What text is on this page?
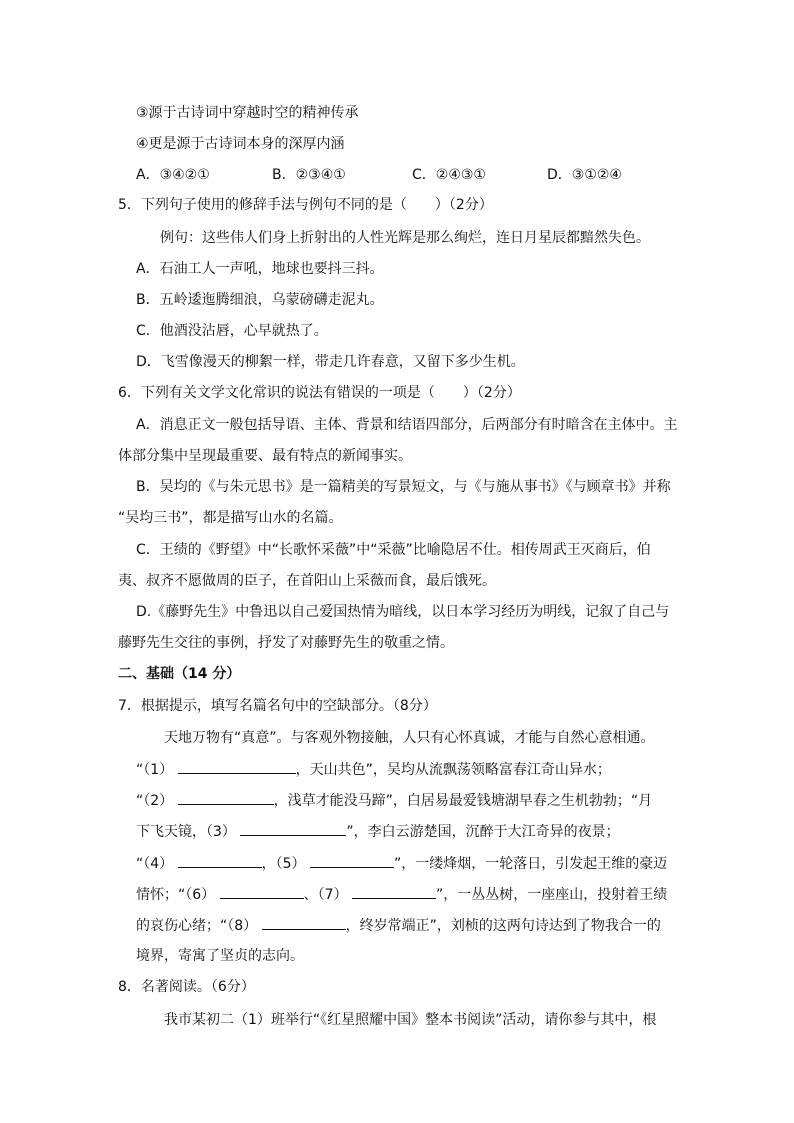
③源于古诗词中穿越时空的精神传承
④更是源于古诗词本身的深厚内涵
A．③④②①	B．②③④①	C．②④③①	D．③①②④
5．下列句子使用的修辞手法与例句不同的是（　　）（2分）
例句：这些伟人们身上折射出的人性光辉是那么绚烂，连日月星辰都黯然失色。
A．石油工人一声吼，地球也要抖三抖。
B．五岭逶迤腾细浪，乌蒙磅礴走泥丸。
C．他酒没沾唇，心早就热了。
D．飞雪像漫天的柳絮一样，带走几许春意，又留下多少生机。
6．下列有关文学文化常识的说法有错误的一项是（　　）（2分）
A．消息正文一般包括导语、主体、背景和结语四部分，后两部分有时暗含在主体中。主
体部分集中呈现最重要、最有特点的新闻事实。
B．吴均的《与朱元思书》是一篇精美的写景短文，与《与施从事书》《与顾章书》并称
“吴均三书”，都是描写山水的名篇。
C．王绩的《野望》中“长歌怀采薇”中“采薇”比喻隐居不仕。相传周武王灭商后，伯
夷、叔齐不愿做周的臣子，在首阳山上采薇而食，最后饿死。
D.《藤野先生》中鲁迅以自己爱国热情为暗线，以日本学习经历为明线，记叙了自己与
藤野先生交往的事例，抒发了对藤野先生的敬重之情。
二、基础（14 分）
7．根据提示，填写名篇名句中的空缺部分。（8分）
天地万物有“真意”。与客观外物接触，人只有心怀真诚，才能与自然心意相通。
“（1）	，天山共色”，吴均从流飘荡领略富春江奇山异水；
“（2）	，浅草才能没马蹄”，白居易最爱钱塘湖早春之生机勃勃；“月
下飞天镜，（3）	”，李白云游楚国，沉醉于大江奇异的夜景；
“（4）	，（5）	”，一缕烽烟，一轮落日，引发起王维的豪迈
情怀；“（6）	、（7）	”，一丛丛树，一座座山，投射着王绩
的哀伤心绪；“（8）	，终岁常端正”，刘桢的这两句诗达到了物我合一的
境界，寄寓了坚贞的志向。
8．名著阅读。（6分）
我市某初二（1）班举行“《红星照耀中国》整本书阅读”活动，请你参与其中，根
